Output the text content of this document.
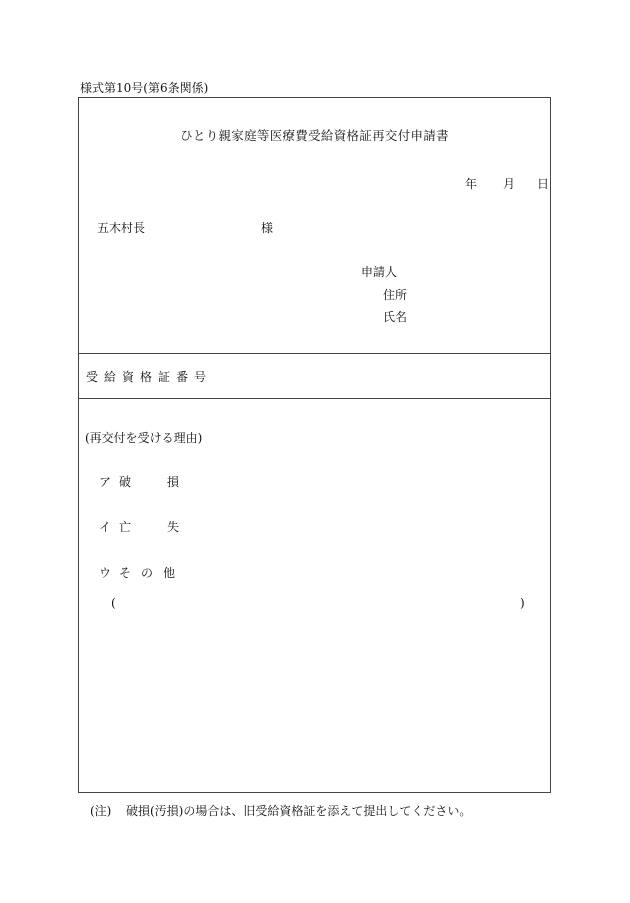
様式第10号(第6条関係)
ひとり親家庭等医療費受給資格証再交付申請書
年 月 日
五木村長	様
申請人
住所
氏名
受給資格証番号
(再交付を受ける理由)
ア 破	損
イ 亡	失
ウ その他
(	)
(注) 破損(汚損)の場合は、旧受給資格証を添えて提出してください。
